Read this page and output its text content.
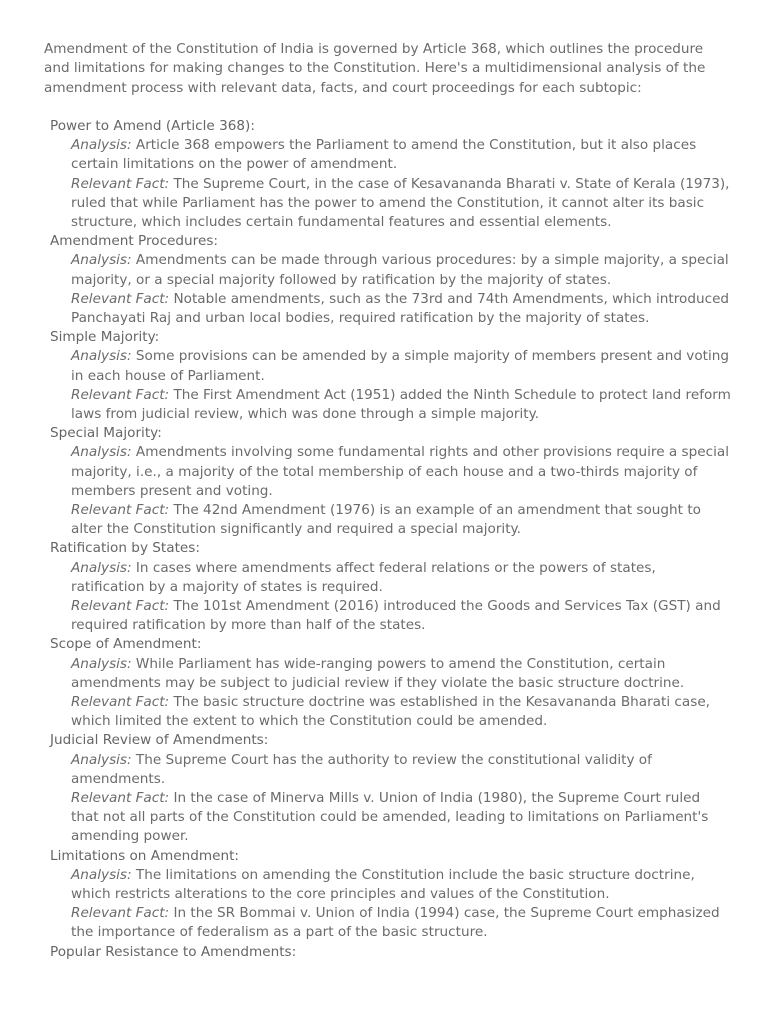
Amendment of the Constitution of India is governed by Article 368, which outlines the procedure and limitations for making changes to the Constitution. Here's a multidimensional analysis of the amendment process with relevant data, facts, and court proceedings for each subtopic:

Power to Amend (Article 368):
Analysis: Article 368 empowers the Parliament to amend the Constitution, but it also places certain limitations on the power of amendment.
Relevant Fact: The Supreme Court, in the case of Kesavananda Bharati v. State of Kerala (1973), ruled that while Parliament has the power to amend the Constitution, it cannot alter its basic structure, which includes certain fundamental features and essential elements.
Amendment Procedures:
Analysis: Amendments can be made through various procedures: by a simple majority, a special majority, or a special majority followed by ratification by the majority of states.
Relevant Fact: Notable amendments, such as the 73rd and 74th Amendments, which introduced Panchayati Raj and urban local bodies, required ratification by the majority of states.
Simple Majority:
Analysis: Some provisions can be amended by a simple majority of members present and voting in each house of Parliament.
Relevant Fact: The First Amendment Act (1951) added the Ninth Schedule to protect land reform laws from judicial review, which was done through a simple majority.
Special Majority:
Analysis: Amendments involving some fundamental rights and other provisions require a special majority, i.e., a majority of the total membership of each house and a two-thirds majority of members present and voting.
Relevant Fact: The 42nd Amendment (1976) is an example of an amendment that sought to alter the Constitution significantly and required a special majority.
Ratification by States:
Analysis: In cases where amendments affect federal relations or the powers of states, ratification by a majority of states is required.
Relevant Fact: The 101st Amendment (2016) introduced the Goods and Services Tax (GST) and required ratification by more than half of the states.
Scope of Amendment:
Analysis: While Parliament has wide-ranging powers to amend the Constitution, certain amendments may be subject to judicial review if they violate the basic structure doctrine.
Relevant Fact: The basic structure doctrine was established in the Kesavananda Bharati case, which limited the extent to which the Constitution could be amended.
Judicial Review of Amendments:
Analysis: The Supreme Court has the authority to review the constitutional validity of amendments.
Relevant Fact: In the case of Minerva Mills v. Union of India (1980), the Supreme Court ruled that not all parts of the Constitution could be amended, leading to limitations on Parliament's amending power.
Limitations on Amendment:
Analysis: The limitations on amending the Constitution include the basic structure doctrine, which restricts alterations to the core principles and values of the Constitution.
Relevant Fact: In the SR Bommai v. Union of India (1994) case, the Supreme Court emphasized the importance of federalism as a part of the basic structure.
Popular Resistance to Amendments:
